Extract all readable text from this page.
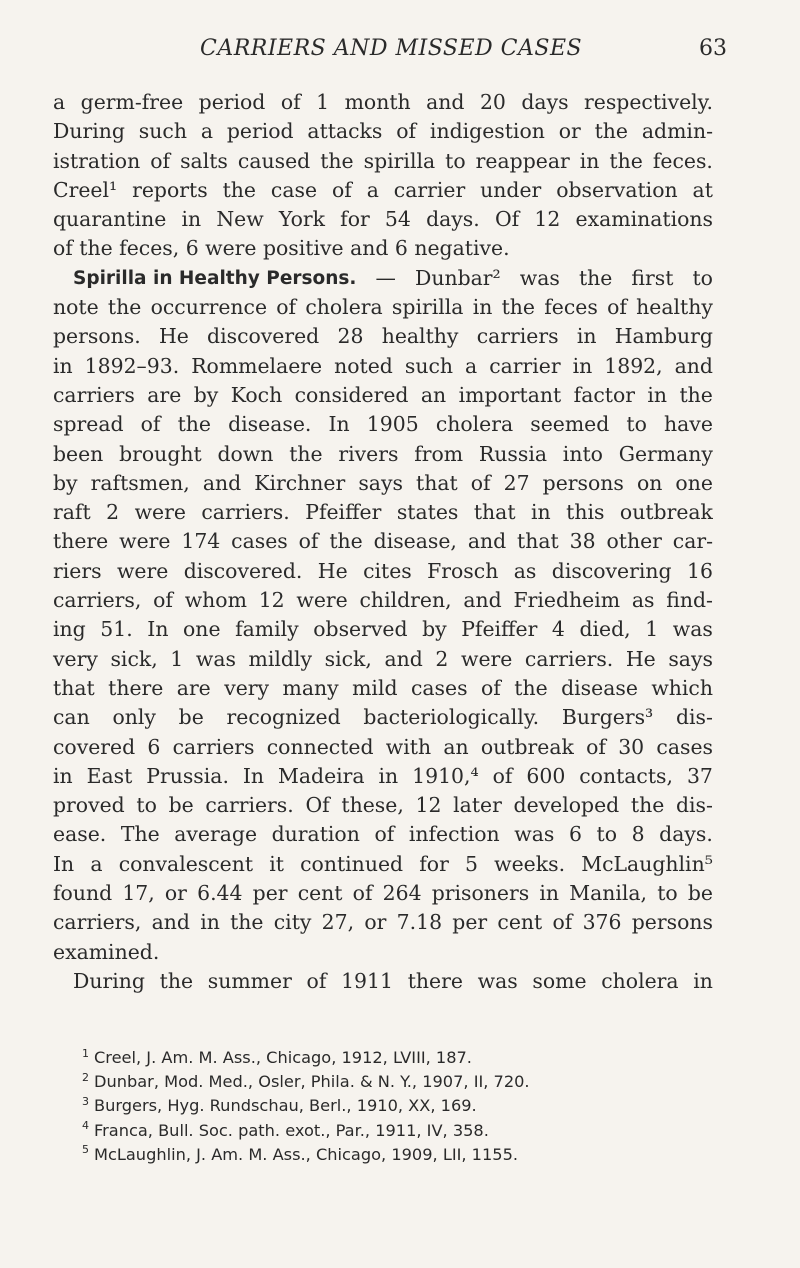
CARRIERS AND MISSED CASES	63
a germ-free period of 1 month and 20 days respectively.
During such a period attacks of indigestion or the admin-
istration of salts caused the spirilla to reappear in the feces.
Creel¹ reports the case of a carrier under observation at
quarantine in New York for 54 days. Of 12 examinations
of the feces, 6 were positive and 6 negative.
Spirilla in Healthy Persons. — Dunbar² was the first to
note the occurrence of cholera spirilla in the feces of healthy
persons. He discovered 28 healthy carriers in Hamburg
in 1892–93. Rommelaere noted such a carrier in 1892, and
carriers are by Koch considered an important factor in the
spread of the disease. In 1905 cholera seemed to have
been brought down the rivers from Russia into Germany
by raftsmen, and Kirchner says that of 27 persons on one
raft 2 were carriers. Pfeiffer states that in this outbreak
there were 174 cases of the disease, and that 38 other car-
riers were discovered. He cites Frosch as discovering 16
carriers, of whom 12 were children, and Friedheim as find-
ing 51. In one family observed by Pfeiffer 4 died, 1 was
very sick, 1 was mildly sick, and 2 were carriers. He says
that there are very many mild cases of the disease which
can only be recognized bacteriologically. Burgers³ dis-
covered 6 carriers connected with an outbreak of 30 cases
in East Prussia. In Madeira in 1910,⁴ of 600 contacts, 37
proved to be carriers. Of these, 12 later developed the dis-
ease. The average duration of infection was 6 to 8 days.
In a convalescent it continued for 5 weeks. McLaughlin⁵
found 17, or 6.44 per cent of 264 prisoners in Manila, to be
carriers, and in the city 27, or 7.18 per cent of 376 persons
examined.
During the summer of 1911 there was some cholera in
$^1$ Creel, J. Am. M. Ass., Chicago, 1912, LVIII, 187.
$^2$ Dunbar, Mod. Med., Osler, Phila. & N. Y., 1907, II, 720.
$^3$ Burgers, Hyg. Rundschau, Berl., 1910, XX, 169.
$^4$ Franca, Bull. Soc. path. exot., Par., 1911, IV, 358.
$^5$ McLaughlin, J. Am. M. Ass., Chicago, 1909, LII, 1155.
